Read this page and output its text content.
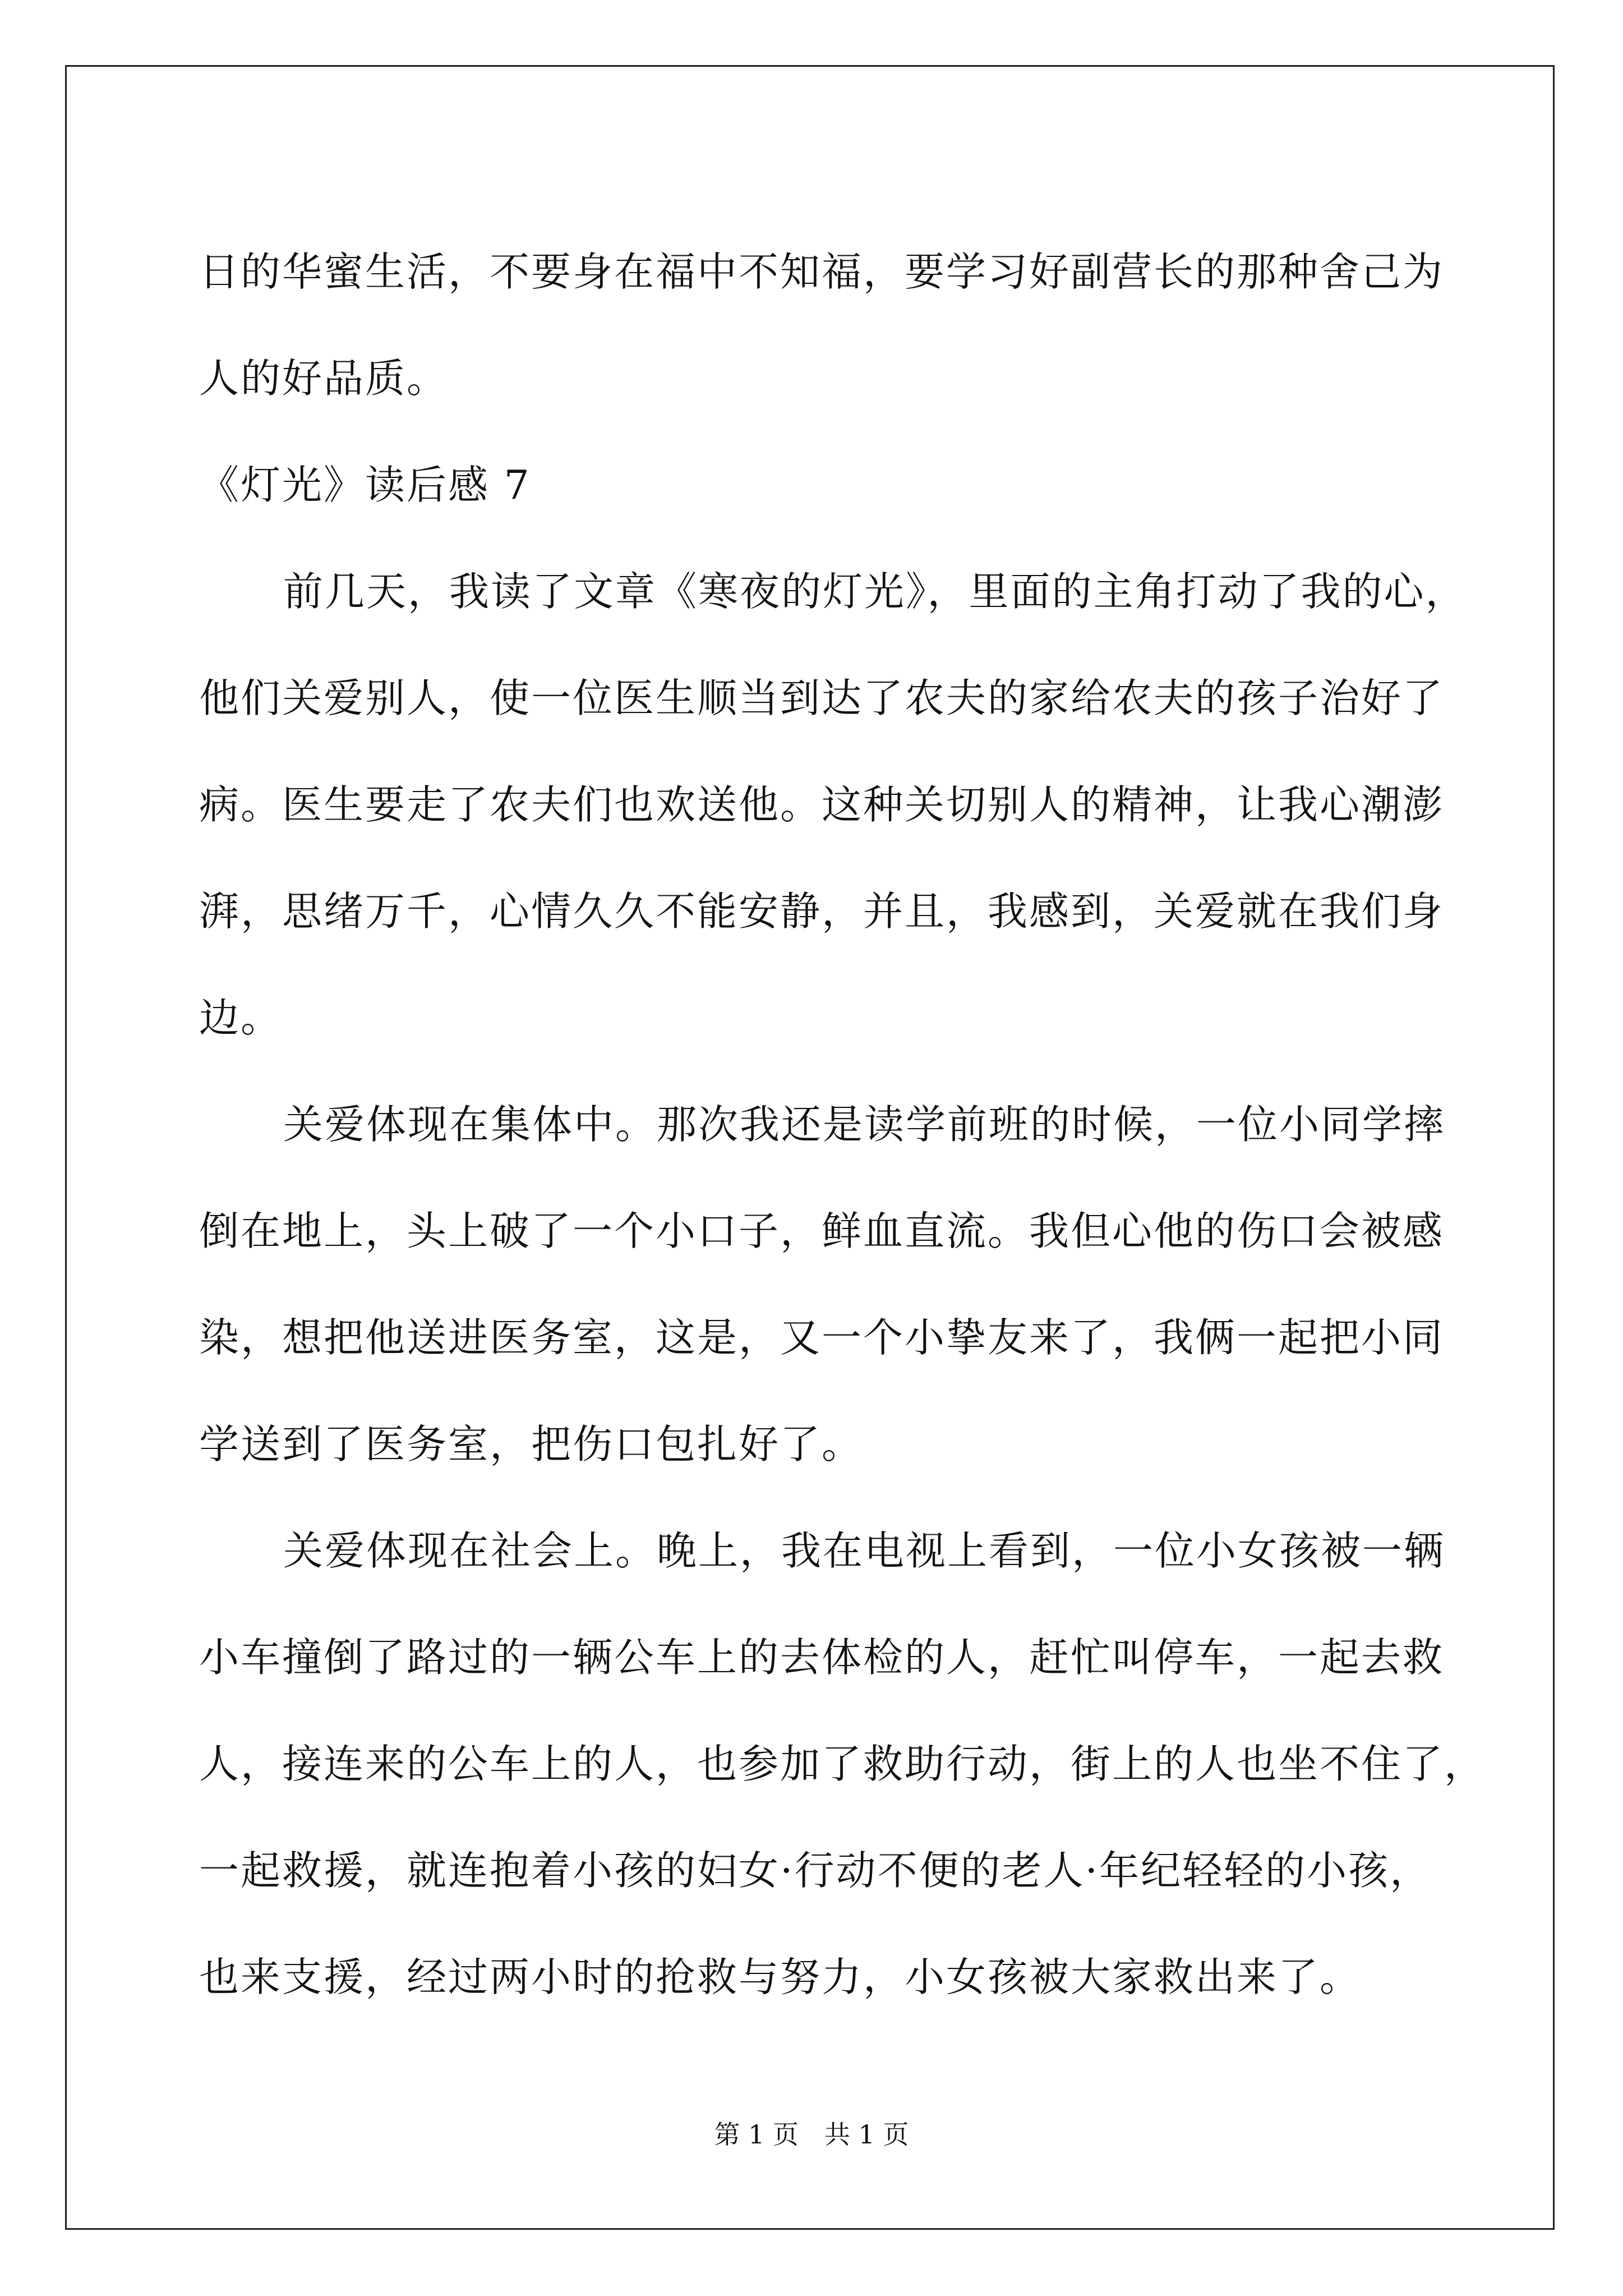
日的华蜜生活，不要身在福中不知福，要学习好副营长的那种舍己为
人的好品质。
《灯光》读后感 7
前几天，我读了文章《寒夜的灯光》，里面的主角打动了我的心，
他们关爱别人，使一位医生顺当到达了农夫的家给农夫的孩子治好了
病。医生要走了农夫们也欢送他。这种关切别人的精神，让我心潮澎
湃，思绪万千，心情久久不能安静，并且，我感到，关爱就在我们身
边。
关爱体现在集体中。那次我还是读学前班的时候，一位小同学摔
倒在地上，头上破了一个小口子，鲜血直流。我但心他的伤口会被感
染，想把他送进医务室，这是，又一个小挚友来了，我俩一起把小同
学送到了医务室，把伤口包扎好了。
关爱体现在社会上。晚上，我在电视上看到，一位小女孩被一辆
小车撞倒了路过的一辆公车上的去体检的人，赶忙叫停车，一起去救
人，接连来的公车上的人，也参加了救助行动，街上的人也坐不住了，
一起救援，就连抱着小孩的妇女·行动不便的老人·年纪轻轻的小孩，
也来支援，经过两小时的抢救与努力，小女孩被大家救出来了。
第 1 页　共 1 页
